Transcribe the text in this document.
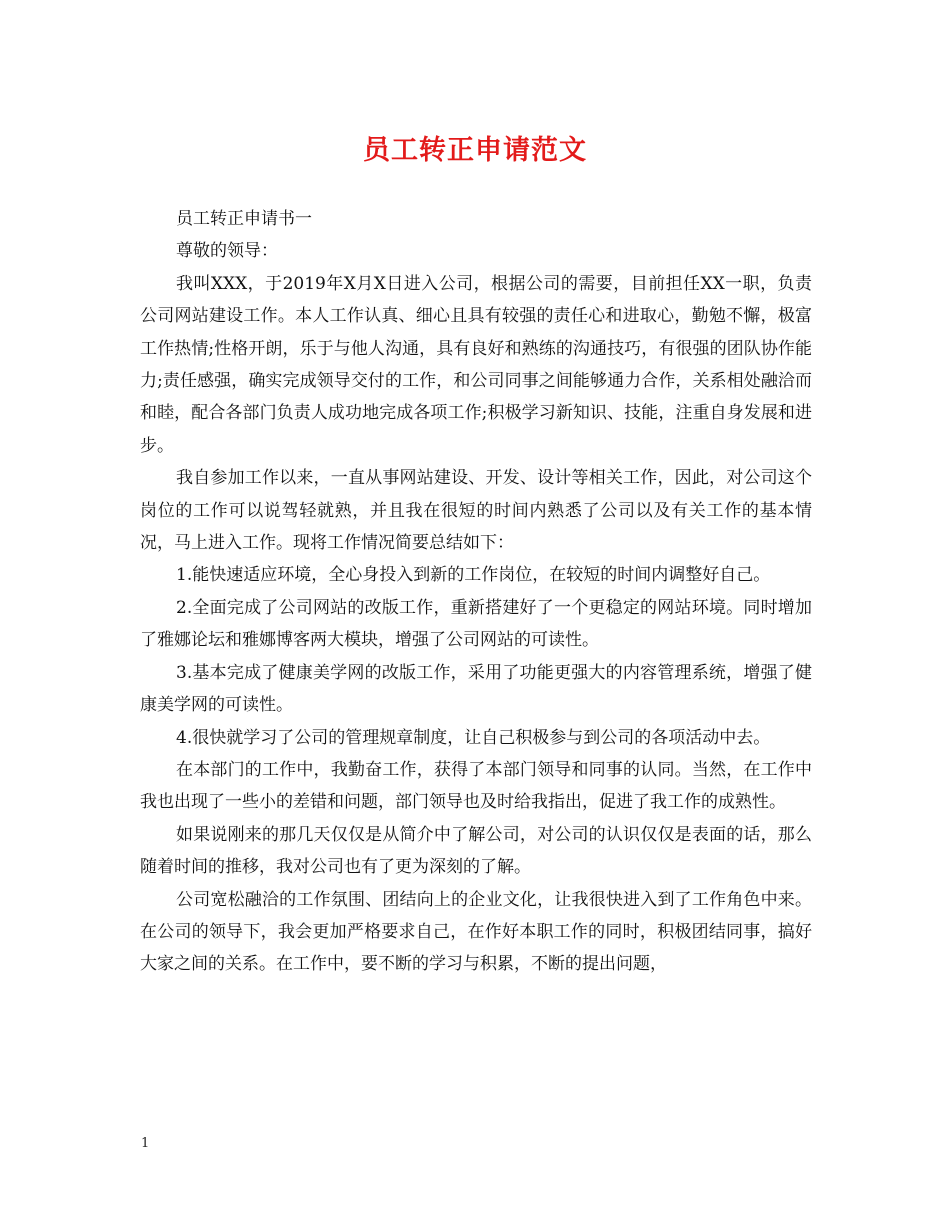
员工转正申请范文

员工转正申请书一

尊敬的领导：

我叫XXX，于2019年X月X日进入公司，根据公司的需要，目前担任XX一职，负责公司网站建设工作。本人工作认真、细心且具有较强的责任心和进取心，勤勉不懈，极富工作热情;性格开朗，乐于与他人沟通，具有良好和熟练的沟通技巧，有很强的团队协作能力;责任感强，确实完成领导交付的工作，和公司同事之间能够通力合作，关系相处融洽而和睦，配合各部门负责人成功地完成各项工作;积极学习新知识、技能，注重自身发展和进步。

我自参加工作以来，一直从事网站建设、开发、设计等相关工作，因此，对公司这个岗位的工作可以说驾轻就熟，并且我在很短的时间内熟悉了公司以及有关工作的基本情况，马上进入工作。现将工作情况简要总结如下：

1.能快速适应环境，全心身投入到新的工作岗位，在较短的时间内调整好自己。

2.全面完成了公司网站的改版工作，重新搭建好了一个更稳定的网站环境。同时增加了雅娜论坛和雅娜博客两大模块，增强了公司网站的可读性。

3.基本完成了健康美学网的改版工作，采用了功能更强大的内容管理系统，增强了健康美学网的可读性。

4.很快就学习了公司的管理规章制度，让自己积极参与到公司的各项活动中去。

在本部门的工作中，我勤奋工作，获得了本部门领导和同事的认同。当然，在工作中我也出现了一些小的差错和问题，部门领导也及时给我指出，促进了我工作的成熟性。

如果说刚来的那几天仅仅是从简介中了解公司，对公司的认识仅仅是表面的话，那么随着时间的推移，我对公司也有了更为深刻的了解。

公司宽松融洽的工作氛围、团结向上的企业文化，让我很快进入到了工作角色中来。在公司的领导下，我会更加严格要求自己，在作好本职工作的同时，积极团结同事，搞好大家之间的关系。在工作中，要不断的学习与积累，不断的提出问题，

1
